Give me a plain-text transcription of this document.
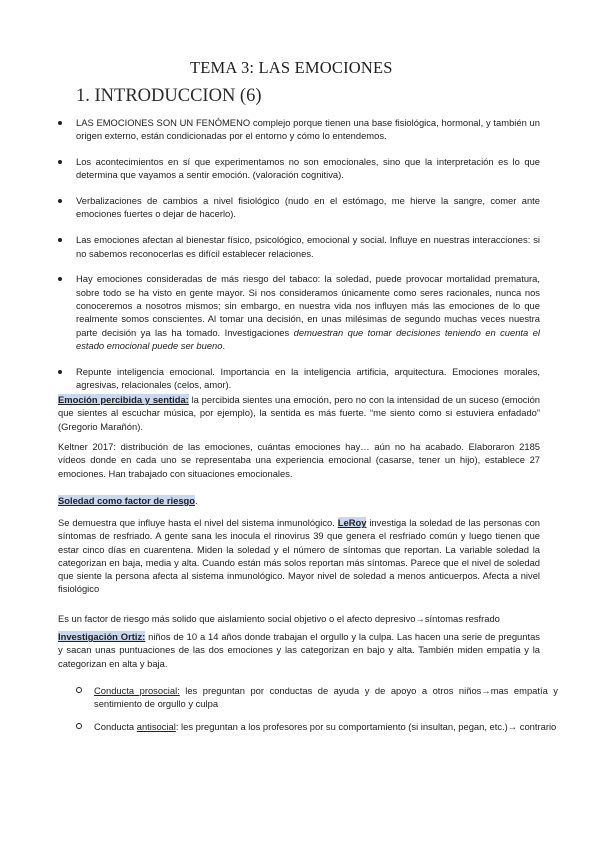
TEMA 3: LAS EMOCIONES
1. INTRODUCCION (6)
LAS EMOCIONES SON UN FENÓMENO complejo porque tienen una base fisiológica, hormonal, y también un origen externo, están condicionadas por el entorno y cómo lo entendemos.
Los acontecimientos en sí que experimentamos no son emocionales, sino que la interpretación es lo que determina que vayamos a sentir emoción. (valoración cognitiva).
Verbalizaciones de cambios a nivel fisiológico (nudo en el estómago, me hierve la sangre, comer ante emociones fuertes o dejar de hacerlo).
Las emociones afectan al bienestar físico, psicológico, emocional y social. Influye en nuestras interacciones: si no sabemos reconocerlas es difícil establecer relaciones.
Hay emociones consideradas de más riesgo del tabaco: la soledad, puede provocar mortalidad prematura, sobre todo se ha visto en gente mayor. Si nos consideramos únicamente como seres racionales, nunca nos conoceremos a nosotros mismos; sin embargo, en nuestra vida nos influyen más las emociones de lo que realmente somos conscientes. Al tomar una decisión, en unas milésimas de segundo muchas veces nuestra parte decisión ya las ha tomado. Investigaciones demuestran que tomar decisiones teniendo en cuenta el estado emocional puede ser bueno.
Repunte inteligencia emocional. Importancia en la inteligencia artificia, arquitectura. Emociones morales, agresivas, relacionales (celos, amor).
Emoción percibida y sentida: la percibida sientes una emoción, pero no con la intensidad de un suceso (emoción que sientes al escuchar música, por ejemplo), la sentida es más fuerte. “me siento como si estuviera enfadado” (Gregorio Marañón).
Keltner 2017: distribución de las emociones, cuántas emociones hay… aún no ha acabado. Elaboraron 2185 vídeos donde en cada uno se representaba una experiencia emocional (casarse, tener un hijo), establece 27 emociones. Han trabajado con situaciones emocionales.
Soledad como factor de riesgo.
Se demuestra que influye hasta el nivel del sistema inmunológico. LeRoy investiga la soledad de las personas con síntomas de resfriado. A gente sana les inocula el rinovirus 39 que genera el resfriado común y luego tienen que estar cinco días en cuarentena. Miden la soledad y el número de síntomas que reportan. La variable soledad la categorizan en baja, media y alta. Cuando están más solos reportan más síntomas. Parece que el nivel de soledad que siente la persona afecta al sistema inmunológico. Mayor nivel de soledad a menos anticuerpos. Afecta a nivel fisiológico
Es un factor de riesgo más solido que aislamiento social objetivo o el afecto depresivo→síntomas resfrado
Investigación Ortiz: niños de 10 a 14 años donde trabajan el orgullo y la culpa. Las hacen una serie de preguntas y sacan unas puntuaciones de las dos emociones y las categorizan en bajo y alta. También miden empatía y la categorizan en alta y baja.
Conducta prosocial: les preguntan por conductas de ayuda y de apoyo a otros niños→mas empatía y sentimiento de orgullo y culpa
Conducta antisocial: les preguntan a los profesores por su comportamiento (si insultan, pegan, etc.)→ contrario
